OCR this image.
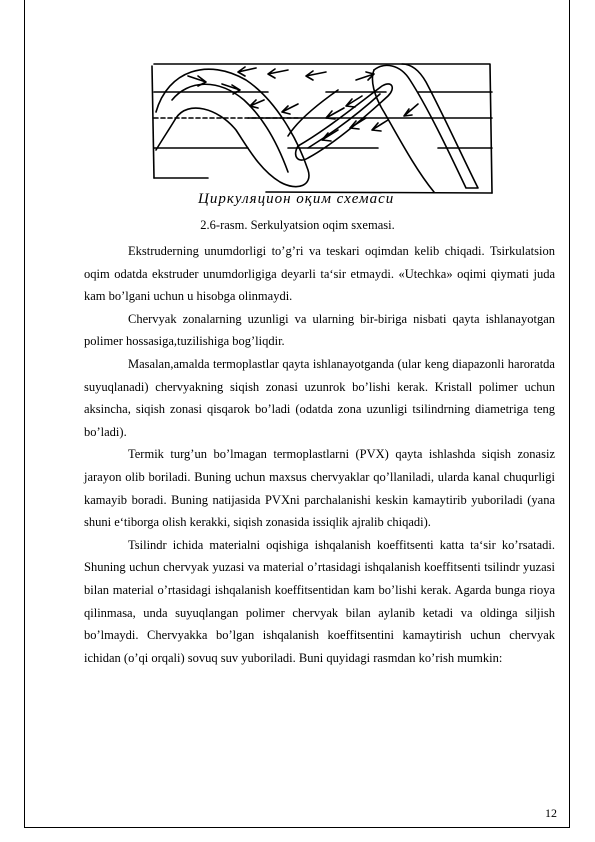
Циркуляцион оқим схемаси
2.6-rasm. Serkulyatsion oqim sxemasi.

Ekstruderning unumdorligi to’g’ri va teskari oqimdan kelib chiqadi. Tsirkulatsion oqim odatda ekstruder unumdorligiga deyarli ta‘sir etmaydi. «Utechka» oqimi qiymati juda kam bo’lgani uchun u hisobga olinmaydi.

Chervyak zonalarning uzunligi va ularning bir-biriga nisbati qayta ishlanayotgan polimer hossasiga,tuzilishiga bog’liqdir.

Masalan,amalda termoplastlar qayta ishlanayotganda (ular keng diapazonli haroratda suyuqlanadi) chervyakning siqish zonasi uzunrok bo’lishi kerak. Kristall polimer uchun aksincha, siqish zonasi qisqarok bo’ladi (odatda zona uzunligi tsilindrning diametriga teng bo’ladi).

Termik turg’un bo’lmagan termoplastlarni (PVX) qayta ishlashda siqish zonasiz jarayon olib boriladi. Buning uchun maxsus chervyaklar qo’llaniladi, ularda kanal chuqurligi kamayib boradi. Buning natijasida PVXni parchalanishi keskin kamaytirib yuboriladi (yana shuni e‘tiborga olish kerakki, siqish zonasida issiqlik ajralib chiqadi).

Tsilindr ichida materialni oqishiga ishqalanish koeffitsenti katta ta‘sir ko’rsatadi. Shuning uchun chervyak yuzasi va material o’rtasidagi ishqalanish koeffitsenti tsilindr yuzasi bilan material o’rtasidagi ishqalanish koeffitsentidan kam bo’lishi kerak. Agarda bunga rioya qilinmasa, unda suyuqlangan polimer chervyak bilan aylanib ketadi va oldinga siljish bo’lmaydi. Chervyakka bo’lgan ishqalanish koeffitsentini kamaytirish uchun chervyak ichidan (o’qi orqali) sovuq suv yuboriladi. Buni quyidagi rasmdan ko’rish mumkin:

12
